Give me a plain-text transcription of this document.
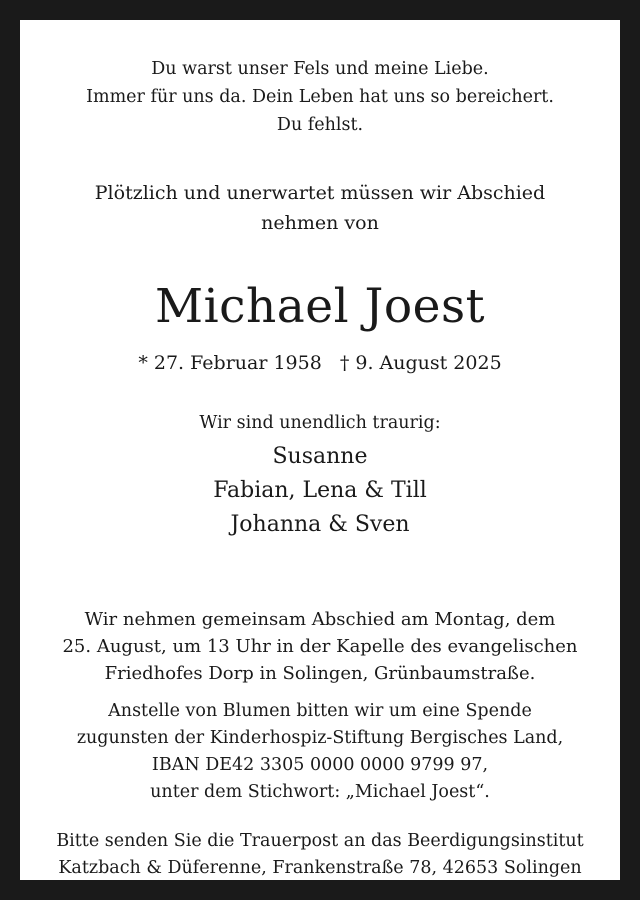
Du warst unser Fels und meine Liebe.
Immer für uns da. Dein Leben hat uns so bereichert.
Du fehlst.
Plötzlich und unerwartet müssen wir Abschied
nehmen von
Michael Joest
* 27. Februar 1958 † 9. August 2025
Wir sind unendlich traurig:
Susanne
Fabian, Lena & Till
Johanna & Sven
Wir nehmen gemeinsam Abschied am Montag, dem
25. August, um 13 Uhr in der Kapelle des evangelischen
Friedhofes Dorp in Solingen, Grünbaumstraße.
Anstelle von Blumen bitten wir um eine Spende
zugunsten der Kinderhospiz-Stiftung Bergisches Land,
IBAN DE42 3305 0000 0000 9799 97,
unter dem Stichwort: „Michael Joest“.
Bitte senden Sie die Trauerpost an das Beerdigungsinstitut
Katzbach & Düferenne, Frankenstraße 78, 42653 Solingen
